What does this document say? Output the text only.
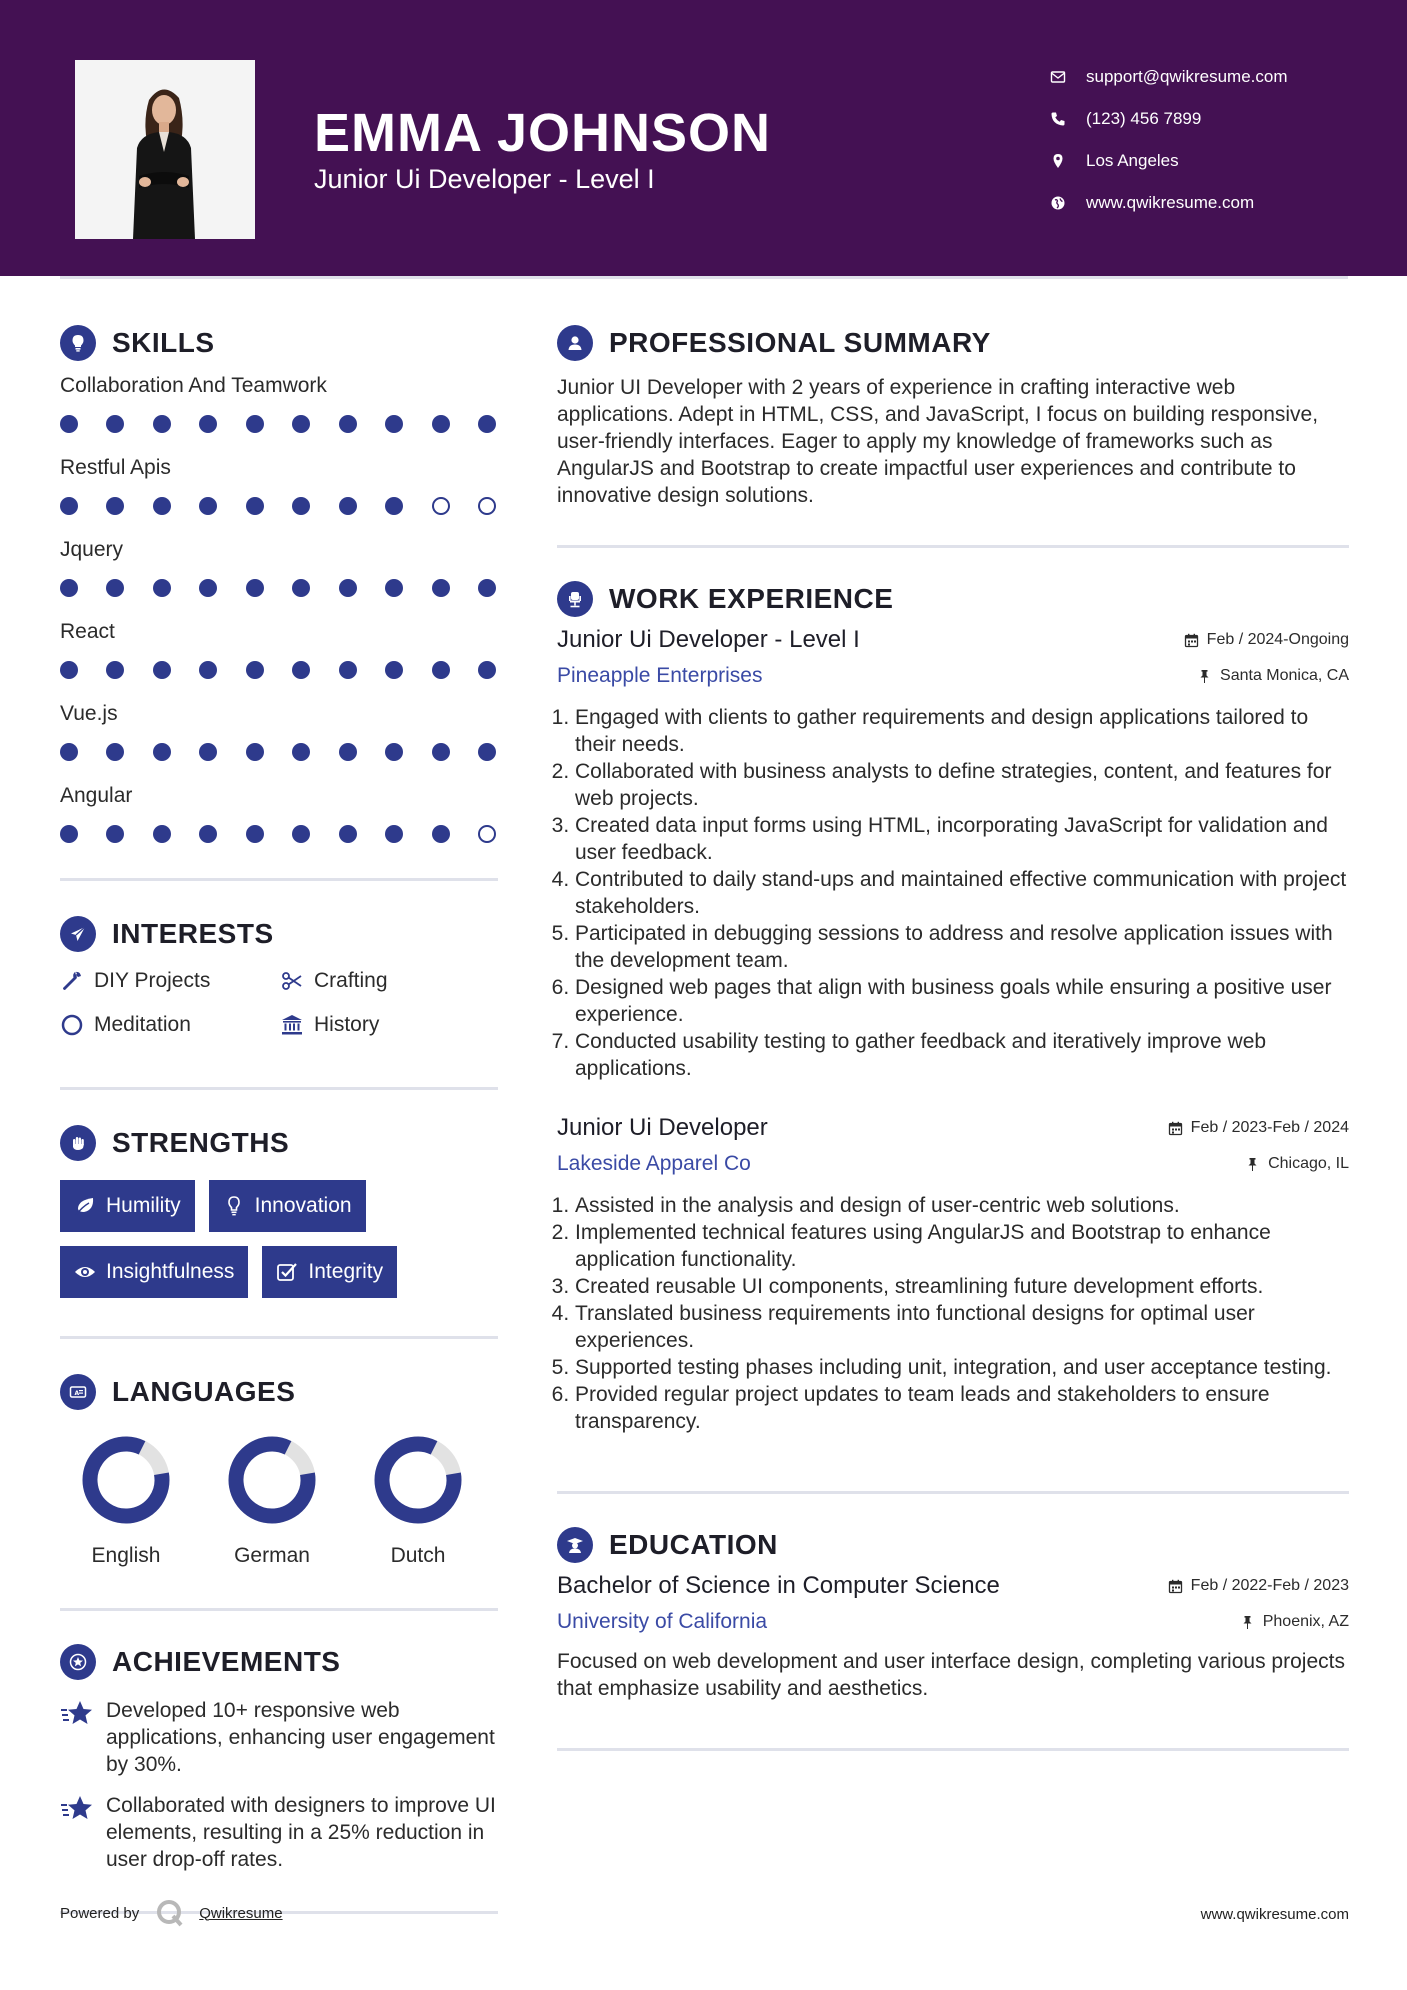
EMMA JOHNSON
Junior Ui Developer - Level I
support@qwikresume.com
(123) 456 7899
Los Angeles
www.qwikresume.com
SKILLS
Collaboration And Teamwork
Restful Apis
Jquery
React
Vue.js
Angular
INTERESTS
DIY Projects	Crafting
Meditation	History
STRENGTHS
Humility	Innovation
Insightfulness	Integrity
A LANGUAGES
English	German	Dutch
ACHIEVEMENTS
Developed 10+ responsive web applications, enhancing user engagement by 30%.
Collaborated with designers to improve UI elements, resulting in a 25% reduction in user drop-off rates.
PROFESSIONAL SUMMARY

Junior UI Developer with 2 years of experience in crafting interactive web applications. Adept in HTML, CSS, and JavaScript, I focus on building responsive, user-friendly interfaces. Eager to apply my knowledge of frameworks such as AngularJS and Bootstrap to create impactful user experiences and contribute to innovative design solutions.

WORK EXPERIENCE
Junior Ui Developer - Level I	Feb / 2024-Ongoing
Pineapple Enterprises	Santa Monica, CA
1. Engaged with clients to gather requirements and design applications tailored to their needs.
2. Collaborated with business analysts to define strategies, content, and features for web projects.
3. Created data input forms using HTML, incorporating JavaScript for validation and user feedback.
4. Contributed to daily stand-ups and maintained effective communication with project stakeholders.
5. Participated in debugging sessions to address and resolve application issues with the development team.
6. Designed web pages that align with business goals while ensuring a positive user experience.
7. Conducted usability testing to gather feedback and iteratively improve web applications.
Junior Ui Developer	Feb / 2023-Feb / 2024
Lakeside Apparel Co	Chicago, IL
1. Assisted in the analysis and design of user-centric web solutions.
2. Implemented technical features using AngularJS and Bootstrap to enhance application functionality.
3. Created reusable UI components, streamlining future development efforts.
4. Translated business requirements into functional designs for optimal user experiences.
5. Supported testing phases including unit, integration, and user acceptance testing.
6. Provided regular project updates to team leads and stakeholders to ensure transparency.
EDUCATION
Bachelor of Science in Computer Science	Feb / 2022-Feb / 2023
University of California	Phoenix, AZ

Focused on web development and user interface design, completing various projects that emphasize usability and aesthetics.

Powered by	Qwikresume	www.qwikresume.com
